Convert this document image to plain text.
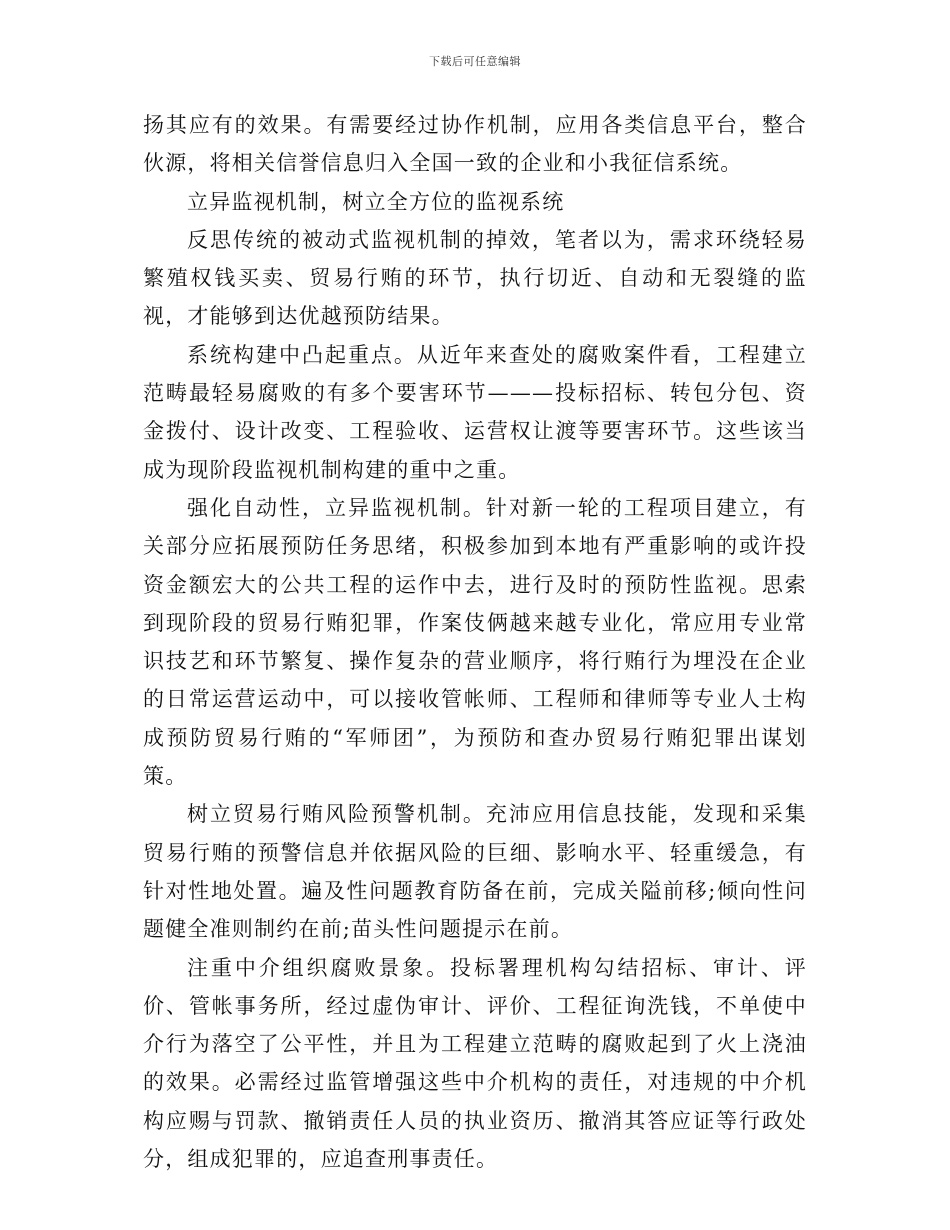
下载后可任意编辑

扬其应有的效果。有需要经过协作机制，应用各类信息平台，整合伙源，将相关信誉信息归入全国一致的企业和小我征信系统。

立异监视机制，树立全方位的监视系统

反思传统的被动式监视机制的掉效，笔者以为，需求环绕轻易繁殖权钱买卖、贸易行贿的环节，执行切近、自动和无裂缝的监视，才能够到达优越预防结果。

系统构建中凸起重点。从近年来查处的腐败案件看，工程建立范畴最轻易腐败的有多个要害环节———投标招标、转包分包、资金拨付、设计改变、工程验收、运营权让渡等要害环节。这些该当成为现阶段监视机制构建的重中之重。

强化自动性，立异监视机制。针对新一轮的工程项目建立，有关部分应拓展预防任务思绪，积极参加到本地有严重影响的或许投资金额宏大的公共工程的运作中去，进行及时的预防性监视。思索到现阶段的贸易行贿犯罪，作案伎俩越来越专业化，常应用专业常识技艺和环节繁复、操作复杂的营业顺序，将行贿行为埋没在企业的日常运营运动中，可以接收管帐师、工程师和律师等专业人士构成预防贸易行贿的“军师团”，为预防和查办贸易行贿犯罪出谋划策。

树立贸易行贿风险预警机制。充沛应用信息技能，发现和采集贸易行贿的预警信息并依据风险的巨细、影响水平、轻重缓急，有针对性地处置。遍及性问题教育防备在前，完成关隘前移;倾向性问题健全准则制约在前;苗头性问题提示在前。

注重中介组织腐败景象。投标署理机构勾结招标、审计、评价、管帐事务所，经过虚伪审计、评价、工程征询洗钱，不单使中介行为落空了公平性，并且为工程建立范畴的腐败起到了火上浇油的效果。必需经过监管增强这些中介机构的责任，对违规的中介机构应赐与罚款、撤销责任人员的执业资历、撤消其答应证等行政处分，组成犯罪的，应追查刑事责任。
